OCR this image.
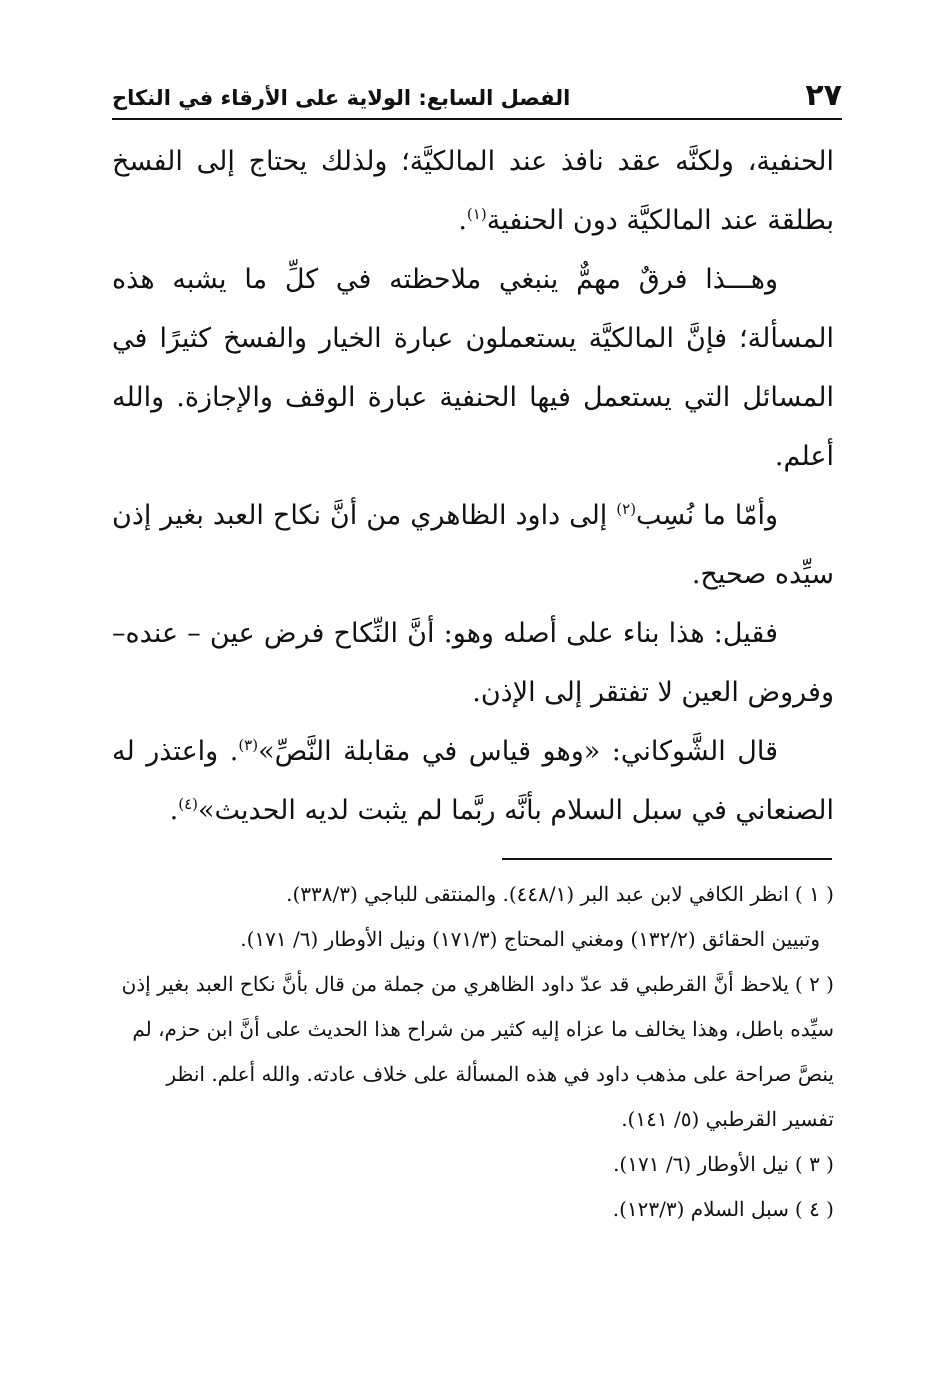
٢٧
الفصل السابع: الولاية على الأرقاء في النكاح

الحنفية، ولكنَّه عقد نافذ عند المالكيَّة؛ ولذلك يحتاج إلى الفسخ بطلقة عند المالكيَّة دون الحنفية$^{(١)}$.

وهـــذا فرقٌ مهمٌّ ينبغي ملاحظته في كلِّ ما يشبه هذه المسألة؛ فإنَّ المالكيَّة يستعملون عبارة الخيار والفسخ كثيرًا في المسائل التي يستعمل فيها الحنفية عبارة الوقف والإجازة. والله أعلم.

وأمّا ما نُسِب$^{(٢)}$ إلى داود الظاهري من أنَّ نكاح العبد بغير إذن سيِّده صحيح.

فقيل: هذا بناء على أصله وهو: أنَّ النِّكاح فرض عين – عنده– وفروض العين لا تفتقر إلى الإذن.

قال الشَّوكاني: «وهو قياس في مقابلة النَّصِّ»$^{(٣)}$. واعتذر له الصنعاني في سبل السلام بأنَّه ربَّما لم يثبت لديه الحديث»$^{(٤)}$.

( ١ )انظر الكافي لابن عبد البر (٤٤٨/١). والمنتقى للباجي (٣٣٨/٣).

وتبيين الحقائق (١٣٢/٢) ومغني المحتاج (١٧١/٣) ونيل الأوطار (٦/ ١٧١).

( ٢ )يلاحظ أنَّ القرطبي قد عدّ داود الظاهري من جملة من قال بأنَّ نكاح العبد بغير إذن سيِّده باطل، وهذا يخالف ما عزاه إليه كثير من شراح هذا الحديث على أنَّ ابن حزم، لم ينصَّ صراحة على مذهب داود في هذه المسألة على خلاف عادته. والله أعلم. انظر تفسير القرطبي (٥/ ١٤١).

( ٣ )نيل الأوطار (٦/ ١٧١).

( ٤ )سبل السلام (١٢٣/٣).
